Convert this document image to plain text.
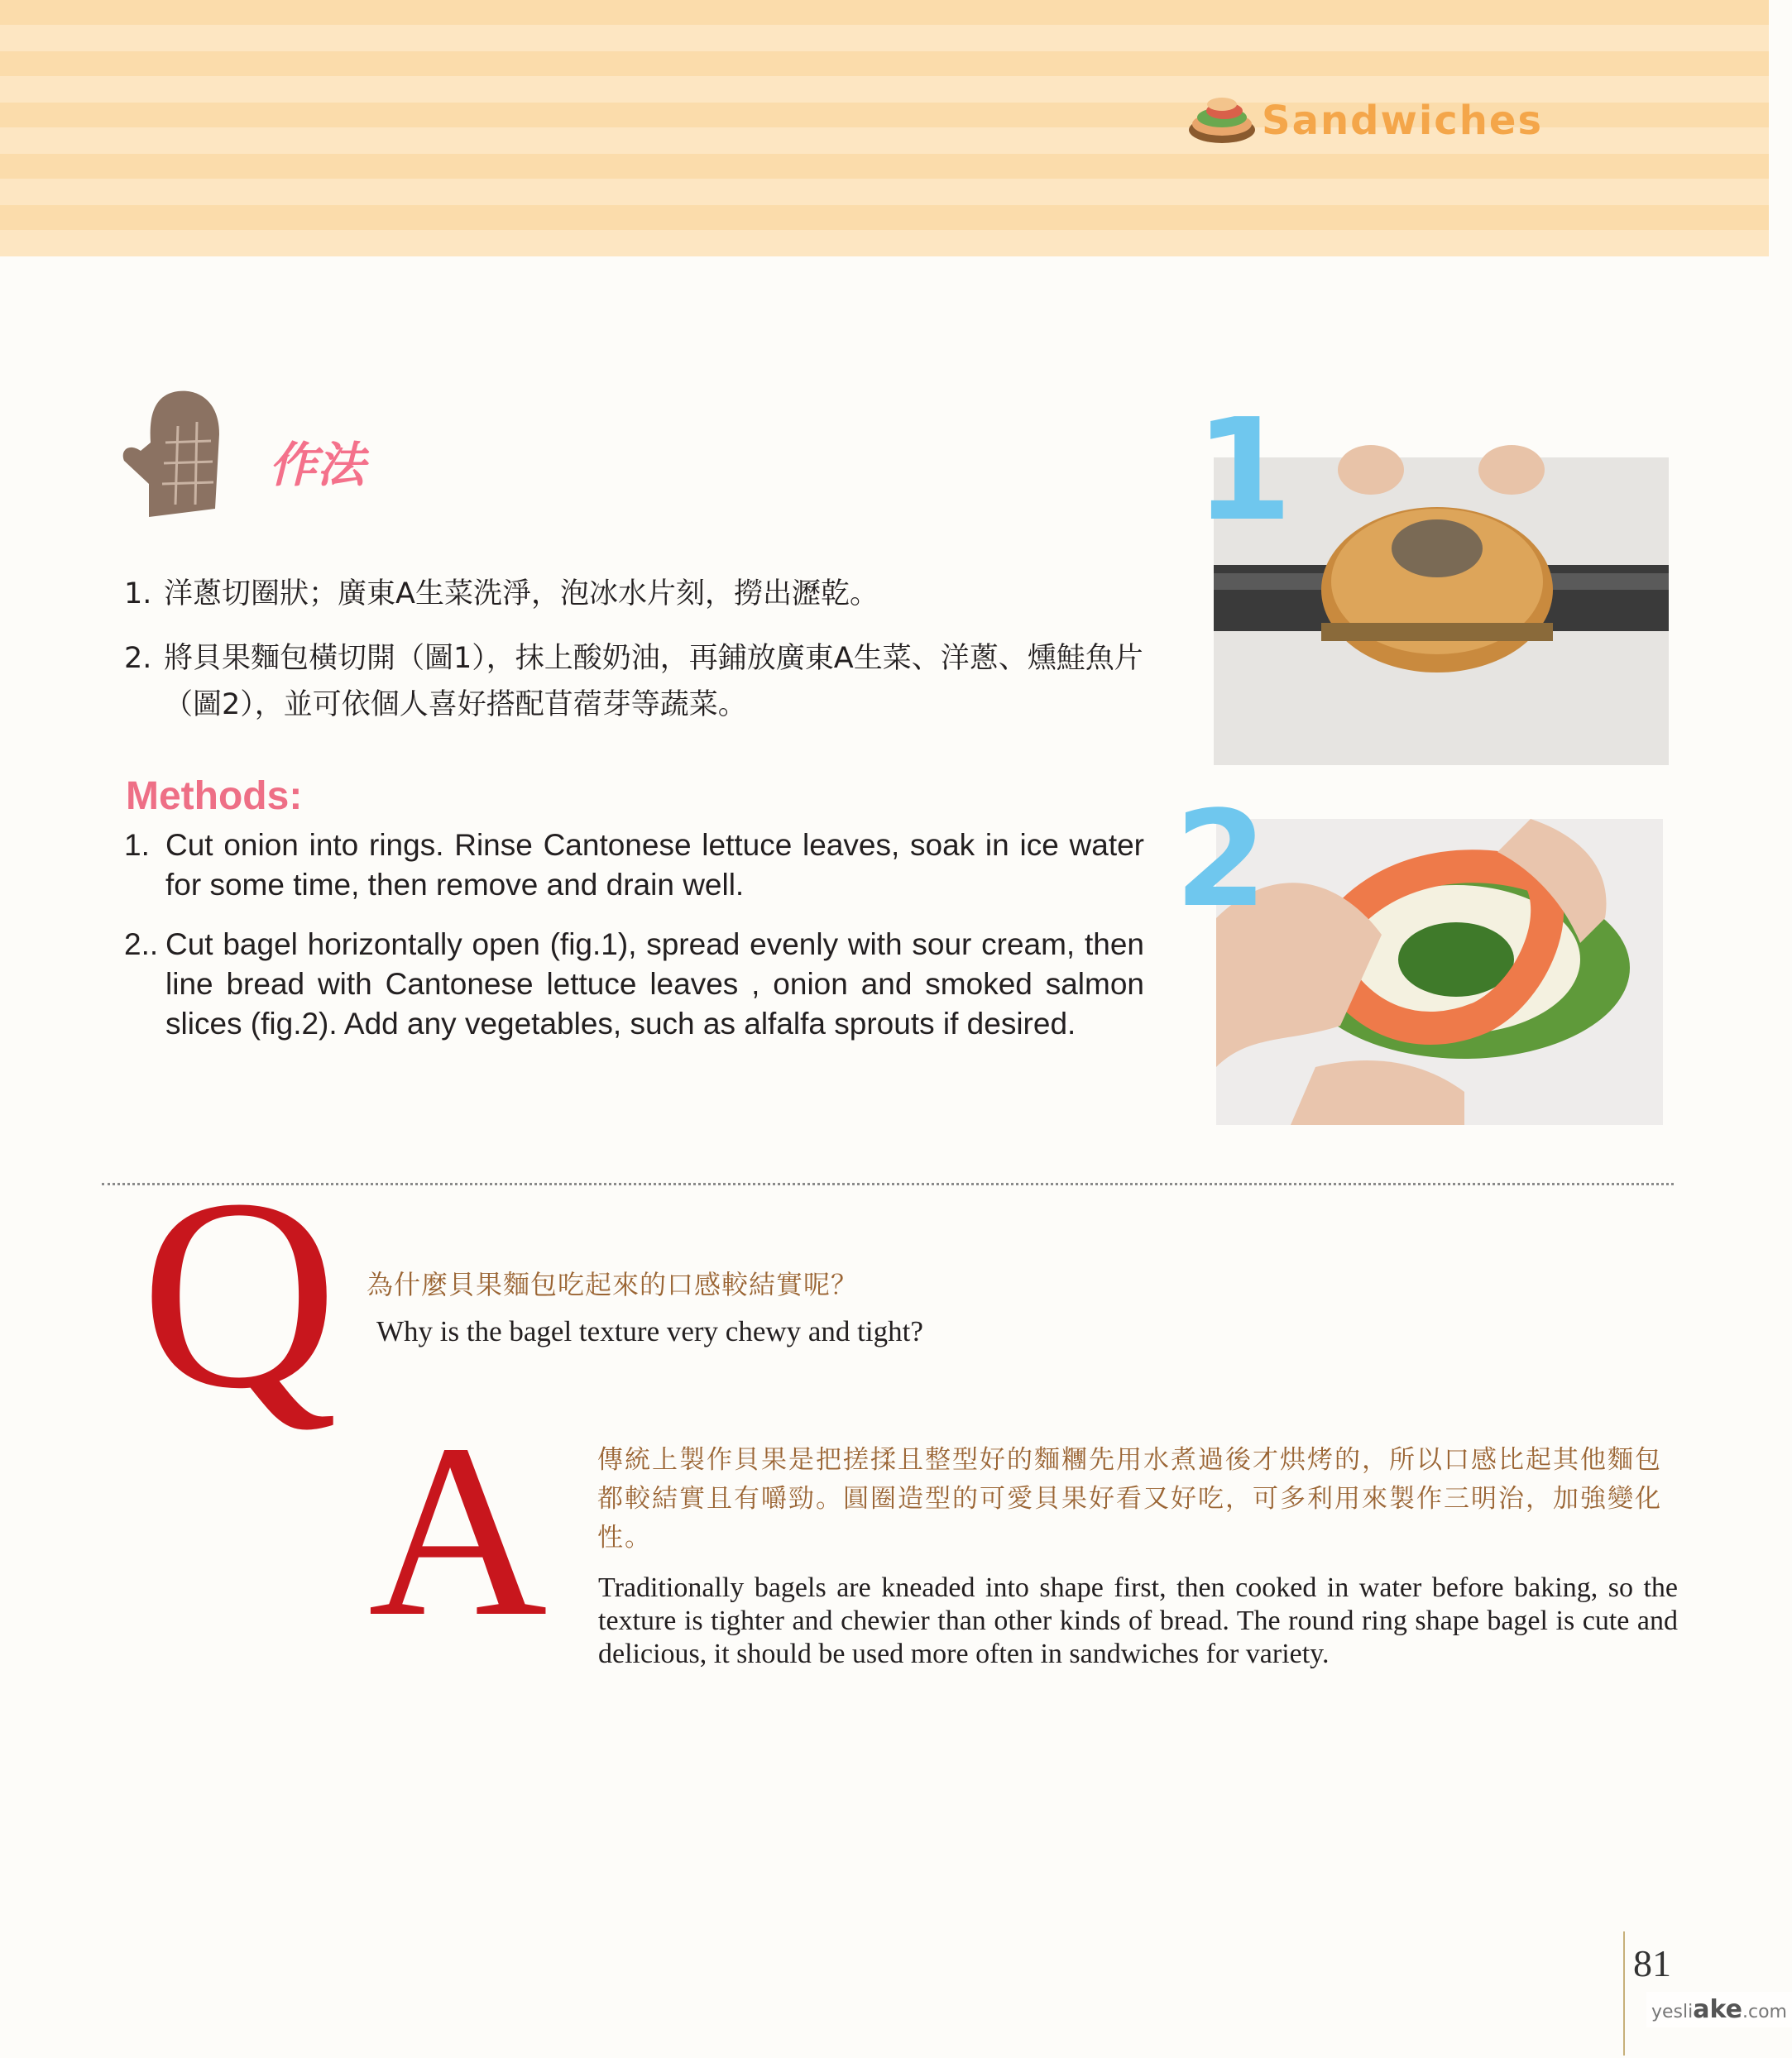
Sandwiches
作法
1. 洋蔥切圈狀；廣東A生菜洗淨，泡冰水片刻，撈出瀝乾。
2. 將貝果麵包橫切開（圖1），抹上酸奶油，再鋪放廣東A生菜、洋蔥、燻鮭魚片（圖2），並可依個人喜好搭配苜蓿芽等蔬菜。
Methods:
1. Cut onion into rings. Rinse Cantonese lettuce leaves, soak in ice water for some time, then remove and drain well.
2.. Cut bagel horizontally open (fig.1), spread evenly with sour cream, then line bread with Cantonese lettuce leaves , onion and smoked salmon slices (fig.2). Add any vegetables, such as alfalfa sprouts if desired.
1
2
Q 為什麼貝果麵包吃起來的口感較結實呢？
Why is the bagel texture very chewy and tight?
A 傳統上製作貝果是把搓揉且整型好的麵糰先用水煮過後才烘烤的，所以口感比起其他麵包都較結實且有嚼勁。圓圈造型的可愛貝果好看又好吃，可多利用來製作三明治，加強變化性。
Traditionally bagels are kneaded into shape first, then cooked in water before baking, so the texture is tighter and chewier than other kinds of bread. The round ring shape bagel is cute and delicious, it should be used more often in sandwiches for variety.
81
yesliake.com
